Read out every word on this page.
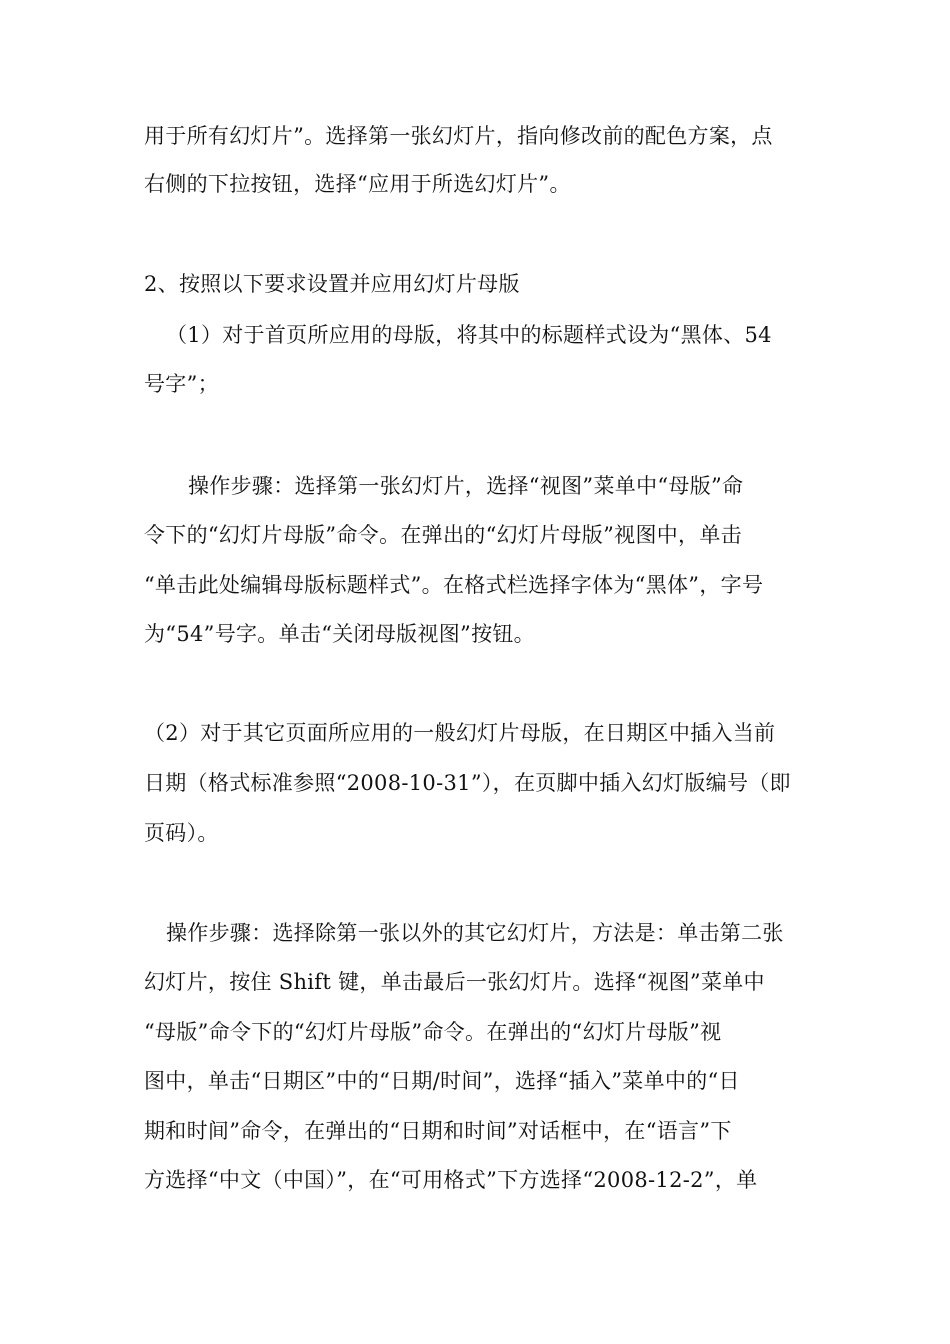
用于所有幻灯片”。选择第一张幻灯片，指向修改前的配色方案，点
右侧的下拉按钮，选择“应用于所选幻灯片”。
2、按照以下要求设置并应用幻灯片母版
（1）对于首页所应用的母版，将其中的标题样式设为“黑体、54
号字”；
操作步骤：选择第一张幻灯片，选择“视图”菜单中“母版”命
令下的“幻灯片母版”命令。在弹出的“幻灯片母版”视图中，单击
“单击此处编辑母版标题样式”。在格式栏选择字体为“黑体”，字号
为“54”号字。单击“关闭母版视图”按钮。
（2）对于其它页面所应用的一般幻灯片母版，在日期区中插入当前
日期（格式标准参照“2008-10-31”），在页脚中插入幻灯版编号（即
页码）。
操作步骤：选择除第一张以外的其它幻灯片，方法是：单击第二张
幻灯片，按住 Shift 键，单击最后一张幻灯片。选择“视图”菜单中
“母版”命令下的“幻灯片母版”命令。在弹出的“幻灯片母版”视
图中，单击“日期区”中的“日期/时间”，选择“插入”菜单中的“日
期和时间”命令，在弹出的“日期和时间”对话框中，在“语言”下
方选择“中文（中国）”，在“可用格式”下方选择“2008-12-2”，单
